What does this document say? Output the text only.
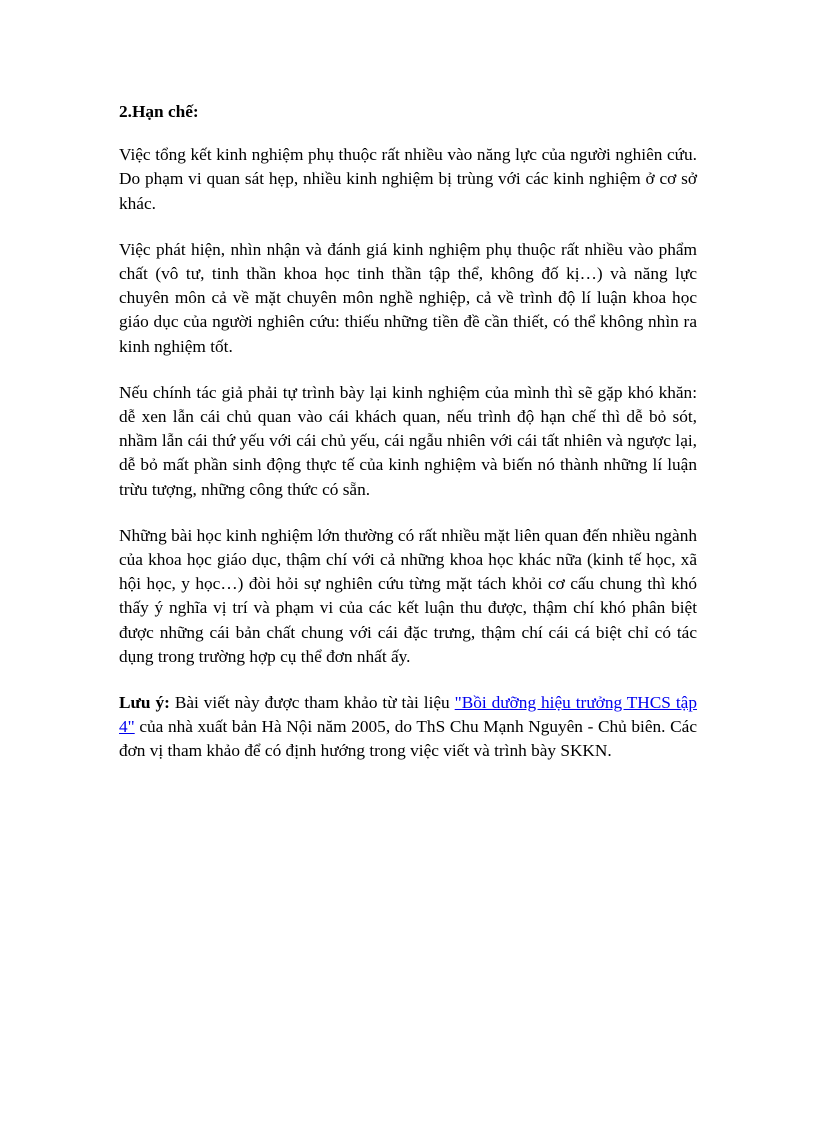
2.Hạn chế:

Việc tổng kết kinh nghiệm phụ thuộc rất nhiều vào năng lực của người nghiên cứu. Do phạm vi quan sát hẹp, nhiều kinh nghiệm bị trùng với các kinh nghiệm ở cơ sở khác.

Việc phát hiện, nhìn nhận và đánh giá kinh nghiệm phụ thuộc rất nhiều vào phẩm chất (vô tư, tinh thần khoa học tinh thần tập thể, không đố kị…) và năng lực chuyên môn cả về mặt chuyên môn nghề nghiệp, cả về trình độ lí luận khoa học giáo dục của người nghiên cứu: thiếu những tiền đề cần thiết, có thể không nhìn ra kinh nghiệm tốt.

Nếu chính tác giả phải tự trình bày lại kinh nghiệm của mình thì sẽ gặp khó khăn: dễ xen lẫn cái chủ quan vào cái khách quan, nếu trình độ hạn chế thì dễ bỏ sót, nhầm lẫn cái thứ yếu với cái chủ yếu, cái ngẫu nhiên với cái tất nhiên và ngược lại, dễ bỏ mất phần sinh động thực tế của kinh nghiệm và biến nó thành những lí luận trừu tượng, những công thức có sẵn.

Những bài học kinh nghiệm lớn thường có rất nhiều mặt liên quan đến nhiều ngành của khoa học giáo dục, thậm chí với cả những khoa học khác nữa (kinh tế học, xã hội học, y học…) đòi hỏi sự nghiên cứu từng mặt tách khỏi cơ cấu chung thì khó thấy ý nghĩa vị trí và phạm vi của các kết luận thu được, thậm chí khó phân biệt được những cái bản chất chung với cái đặc trưng, thậm chí cái cá biệt chỉ có tác dụng trong trường hợp cụ thể đơn nhất ấy.

Lưu ý: Bài viết này được tham khảo từ tài liệu "Bồi dưỡng hiệu trưởng THCS tập 4" của nhà xuất bản Hà Nội năm 2005, do ThS Chu Mạnh Nguyên - Chủ biên. Các đơn vị tham khảo để có định hướng trong việc viết và trình bày SKKN.
